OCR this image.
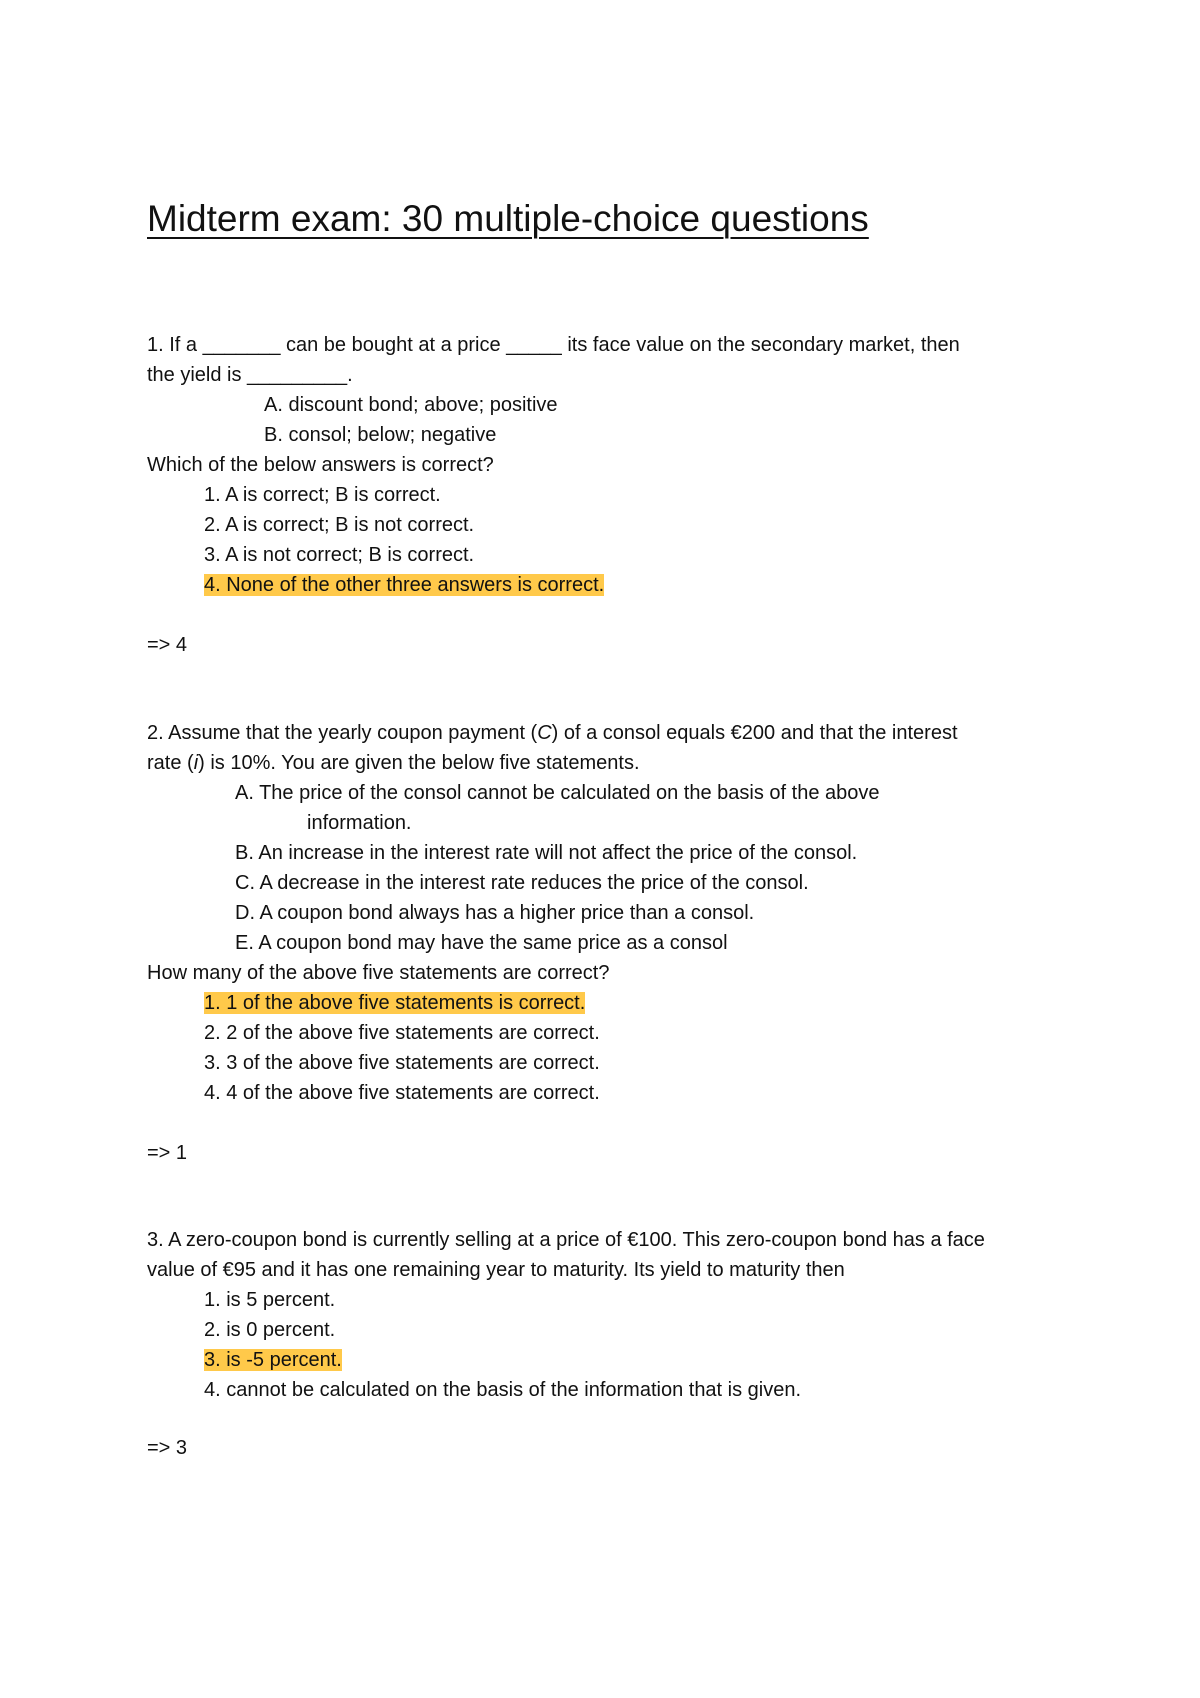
Midterm exam: 30 multiple-choice questions
1. If a _______ can be bought at a price _____ its face value on the secondary market, then
the yield is _________.
A. discount bond; above; positive
B. consol; below; negative
Which of the below answers is correct?
1. A is correct; B is correct.
2. A is correct; B is not correct.
3. A is not correct; B is correct.
4. None of the other three answers is correct.
=> 4
2. Assume that the yearly coupon payment (C) of a consol equals €200 and that the interest
rate (i) is 10%. You are given the below five statements.
A. The price of the consol cannot be calculated on the basis of the above
information.
B. An increase in the interest rate will not affect the price of the consol.
C. A decrease in the interest rate reduces the price of the consol.
D. A coupon bond always has a higher price than a consol.
E. A coupon bond may have the same price as a consol
How many of the above five statements are correct?
1. 1 of the above five statements is correct.
2. 2 of the above five statements are correct.
3. 3 of the above five statements are correct.
4. 4 of the above five statements are correct.
=> 1
3. A zero-coupon bond is currently selling at a price of €100. This zero-coupon bond has a face
value of €95 and it has one remaining year to maturity. Its yield to maturity then
1. is 5 percent.
2. is 0 percent.
3. is -5 percent.
4. cannot be calculated on the basis of the information that is given.
=> 3
